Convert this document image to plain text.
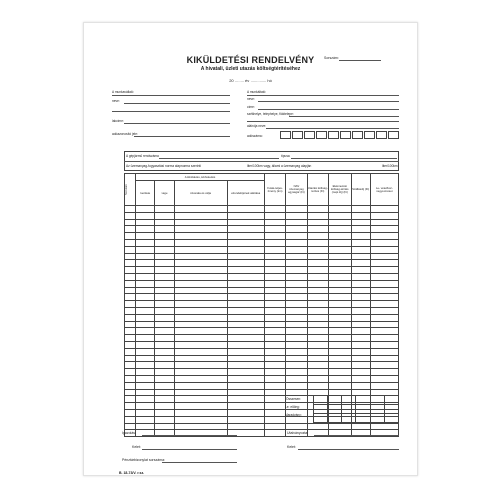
Sorszám:
KIKÜLDETÉSI RENDELVÉNY
A hivatali, üzleti utazás költségtérítéséhez
20 ........ év .............. hó
A munkavállaló
neve:
lakcíme:
adóazonosító jele:
A munkáltató
neve:
címe:
székhelye, telephelye, fióktelepe:
aláírója neve:
adószáma:
A gépjármű rendszáma	típusa
Az üzemanyag-fogyasztási norma alapnorma szerinti	liter/100km vagy, állami a üzemanyag alapján	liter/100km
Sorszám	A kiküldetés, közlekedés				Futás-teljes-ítmény (km)	NAV üzemanyag egységár (Ft)	Utazási költség-térítés (Ft)	Elekmezési költség-térítés (napi díj) (Ft)	Szállásdíj (Ft)	Le- vétel/koz- negyed-réset
	kezdete	vége	útvonala és célja	elrendelőjének aláírása						

Összesen:
Le: előleg:
Maradvány:

Igazolás:	Utalványozta:
Kelet:	Kelet:
Pénztárbizonylat sorszáma:
B. 18-73/V. r.sz.
